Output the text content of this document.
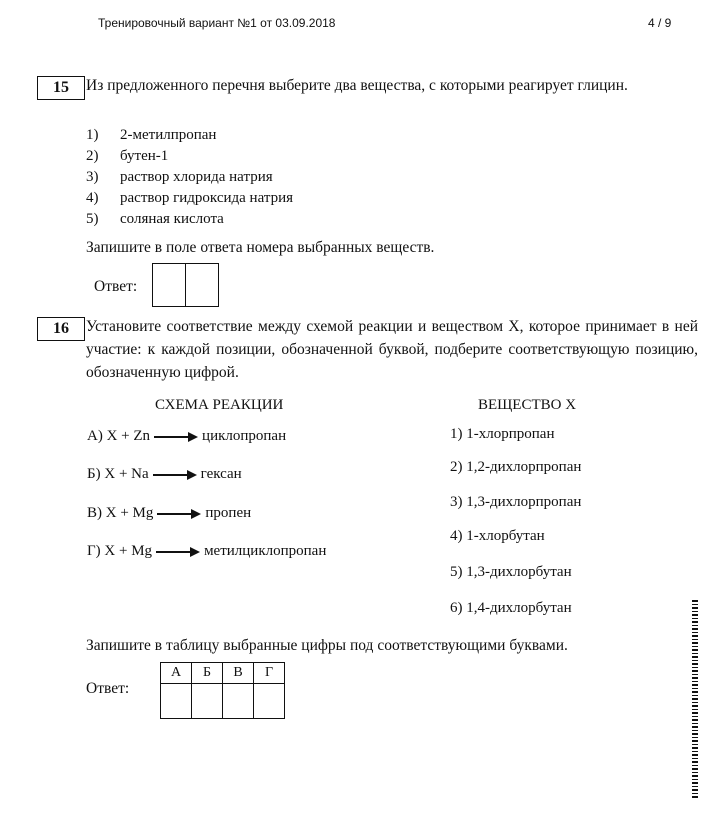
Тренировочный вариант №1 от 03.09.2018	4 / 9
15	Из предложенного перечня выберите два вещества, с которыми реагирует глицин.
1) 2-метилпропан
2) бутен-1
3) раствор хлорида натрия
4) раствор гидроксида натрия
5) соляная кислота
Запишите в поле ответа номера выбранных веществ.
Ответ:
16	Установите соответствие между схемой реакции и веществом X, которое принимает в ней участие: к каждой позиции, обозначенной буквой, подберите соответствующую позицию, обозначенную цифрой.
СХЕМА РЕАКЦИИ	ВЕЩЕСТВО X
А) X + Zn	циклопропан
Б) X + Na	гексан
В) X + Mg	пропен
Г) X + Mg	метилциклопропан
1) 1-хлорпропан
2) 1,2-дихлорпропан
3) 1,3-дихлорпропан
4) 1-хлорбутан
5) 1,3-дихлорбутан
6) 1,4-дихлорбутан
Запишите в таблицу выбранные цифры под соответствующими буквами.
Ответ:
А	Б	В	Г
